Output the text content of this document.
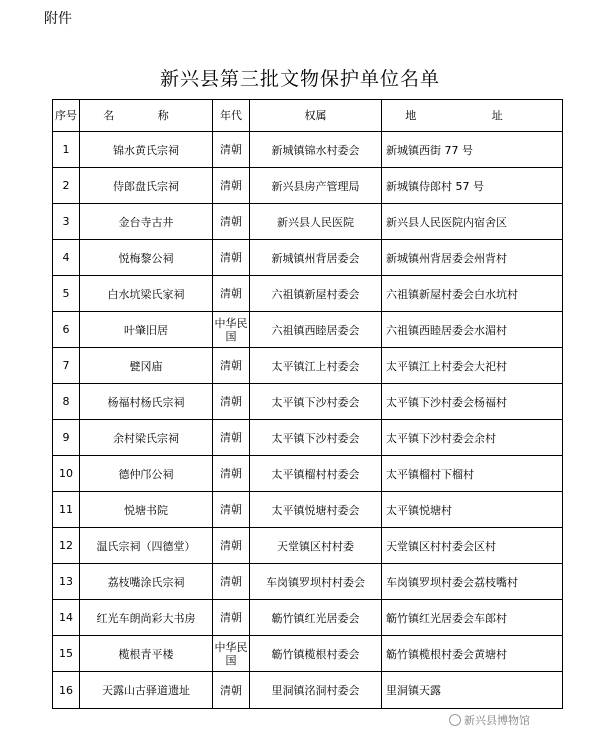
附件
新兴县第三批文物保护单位名单
序号	名 称	年代	权属	地 址
1	锦水黄氏宗祠	清朝	新城镇锦水村委会	新城镇西街 77 号
2	侍郎盘氏宗祠	清朝	新兴县房产管理局	新城镇侍郎村 57 号
3	金台寺古井	清朝	新兴县人民医院	新兴县人民医院内宿舍区
4	悦梅黎公祠	清朝	新城镇州背居委会	新城镇州背居委会州背村
5	白水坑梁氏家祠	清朝	六祖镇新屋村委会	六祖镇新屋村委会白水坑村
6	叶肇旧居	中华民国	六祖镇西睦居委会	六祖镇西睦居委会水湄村
7	甓冈庙	清朝	太平镇江上村委会	太平镇江上村委会大祀村
8	杨福村杨氏宗祠	清朝	太平镇下沙村委会	太平镇下沙村委会杨福村
9	余村梁氏宗祠	清朝	太平镇下沙村委会	太平镇下沙村委会余村
10	德仲邝公祠	清朝	太平镇榴村村委会	太平镇榴村下榴村
11	悦塘书院	清朝	太平镇悦塘村委会	太平镇悦塘村
12	温氏宗祠（四德堂）	清朝	天堂镇区村村委	天堂镇区村村委会区村
13	荔枝嘴涂氏宗祠	清朝	车岗镇罗坝村村委会	车岗镇罗坝村委会荔枝嘴村
14	红光车朗尚彩大书房	清朝	簕竹镇红光居委会	簕竹镇红光居委会车郎村
15	榄根青平楼	中华民国	簕竹镇榄根村委会	簕竹镇榄根村委会黄塘村
16	天露山古驿道遗址	清朝	里洞镇洺洞村委会	里洞镇天露
新兴县博物馆
